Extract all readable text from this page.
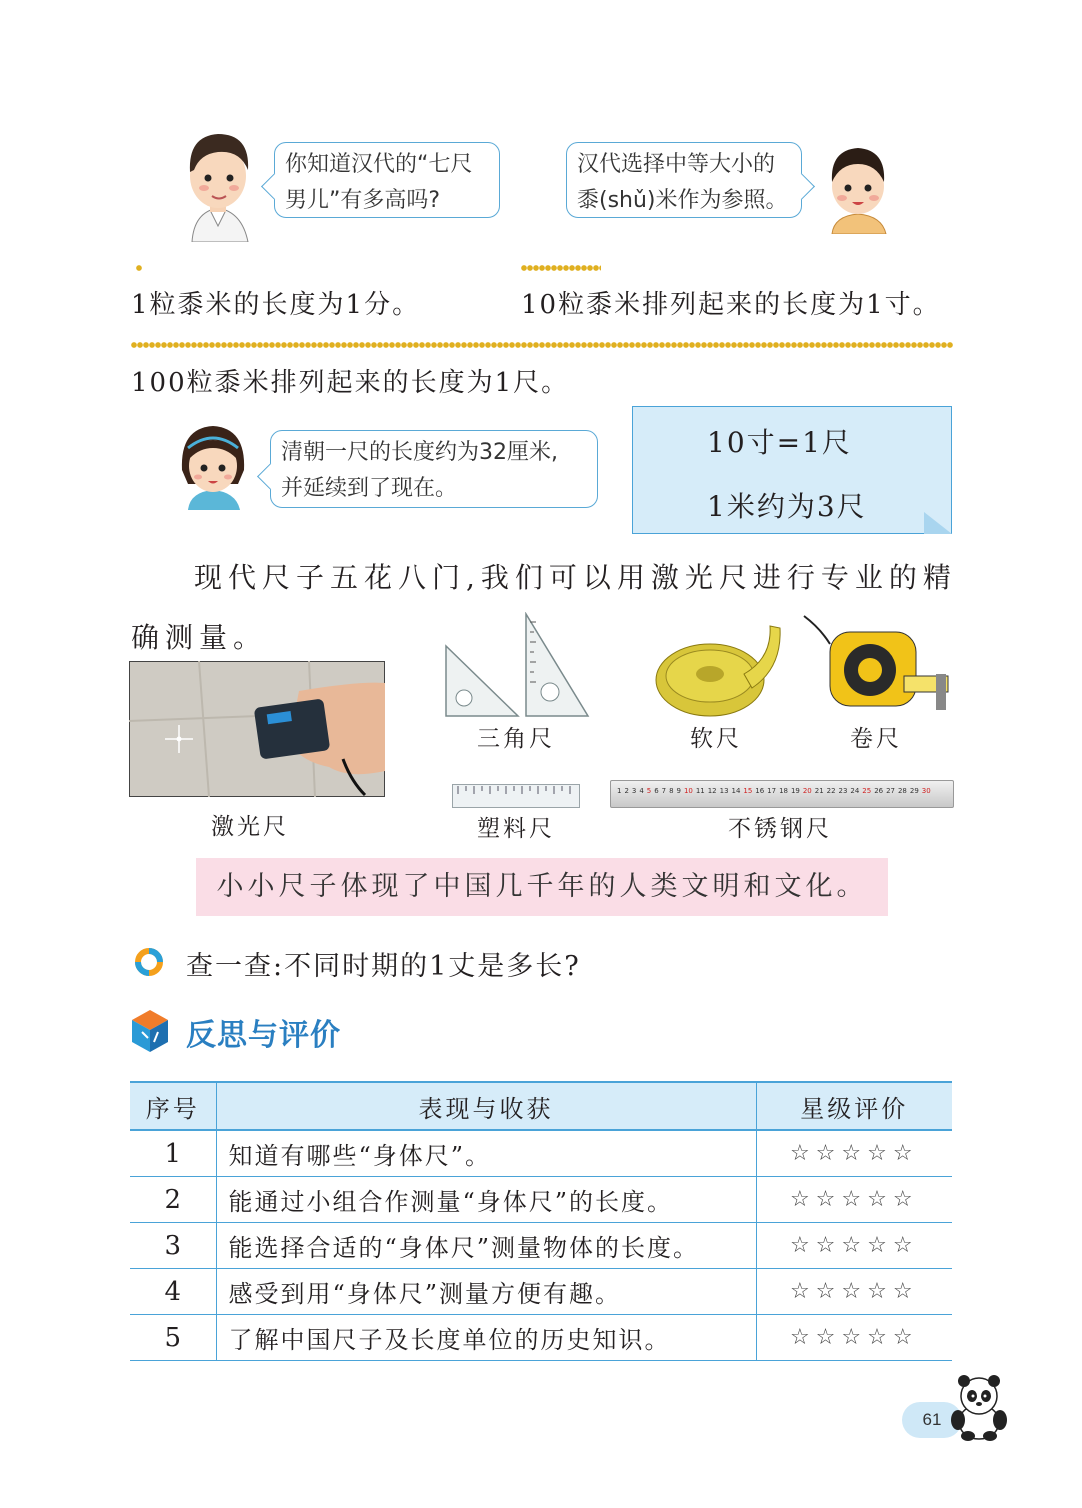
你知道汉代的“七尺
男儿”有多高吗?
汉代选择中等大小的
黍(shǔ)米作为参照。
1粒黍米的长度为1分。	10粒黍米排列起来的长度为1寸。
100粒黍米排列起来的长度为1尺。
清朝一尺的长度约为32厘米,
并延续到了现在。
10寸=1尺
1米约为3尺
现代尺子五花八门,我们可以用激光尺进行专业的精
确测量。
激光尺
三角尺	软尺	卷尺
塑料尺
1 2 3 4 5 6 7 8 9 10 11 12 13 14 15 16 17 18 19 20 21 22 23 24 25 26 27 28 29 30
不锈钢尺
小小尺子体现了中国几千年的人类文明和文化。
查一查:不同时期的1丈是多长?
反思与评价
序号	表现与收获	星级评价
1	知道有哪些“身体尺”。	☆☆☆☆☆
2	能通过小组合作测量“身体尺”的长度。	☆☆☆☆☆
3	能选择合适的“身体尺”测量物体的长度。	☆☆☆☆☆
4	感受到用“身体尺”测量方便有趣。	☆☆☆☆☆
5	了解中国尺子及长度单位的历史知识。	☆☆☆☆☆
61
